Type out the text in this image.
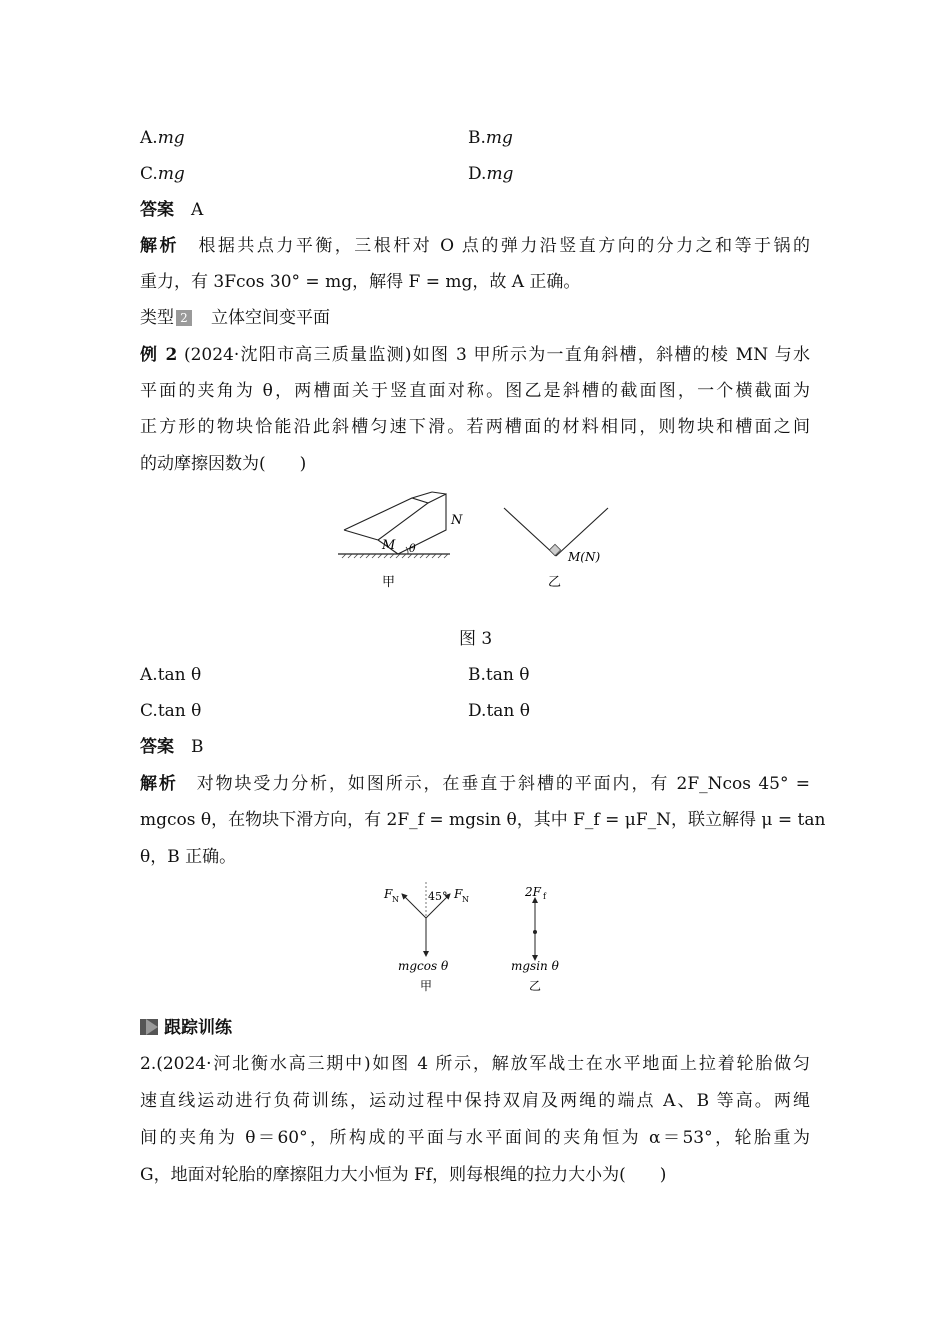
A.mg	B.mg
C.mg	D.mg
答案　 A
解析　 根据共点力平衡，三根杆对 O 点的弹力沿竖直方向的分力之和等于锅的
重力，有 3Fcos 30° = mg，解得 F = mg，故 A 正确。
类型 2　 立体空间变平面
例 2 (2024·沈阳市高三质量监测)如图 3 甲所示为一直角斜槽，斜槽的棱 MN 与水
平面的夹角为 θ，两槽面关于竖直面对称。图乙是斜槽的截面图，一个横截面为
正方形的物块恰能沿此斜槽匀速下滑。若两槽面的材料相同，则物块和槽面之间
的动摩擦因数为(　　)
N
M θ
M(N)
甲	乙
图 3
A.tan θ	B.tan θ
C.tan θ	D.tan θ
答案　 B
解析　 对物块受力分析，如图所示，在垂直于斜槽的平面内，有 2F_Ncos 45° =
mgcos θ，在物块下滑方向，有 2F_f = mgsin θ，其中 F_f = μF_N，联立解得 μ = tan
θ，B 正确。
F N	45° F N
mgcos θ
甲
2F f
mgsin θ
乙
跟踪训练
2.(2024·河北衡水高三期中)如图 4 所示，解放军战士在水平地面上拉着轮胎做匀
速直线运动进行负荷训练，运动过程中保持双肩及两绳的端点 A、B 等高。两绳
间的夹角为 θ＝60°，所构成的平面与水平面间的夹角恒为 α＝53°，轮胎重为
G，地面对轮胎的摩擦阻力大小恒为 Ff，则每根绳的拉力大小为(　　)
